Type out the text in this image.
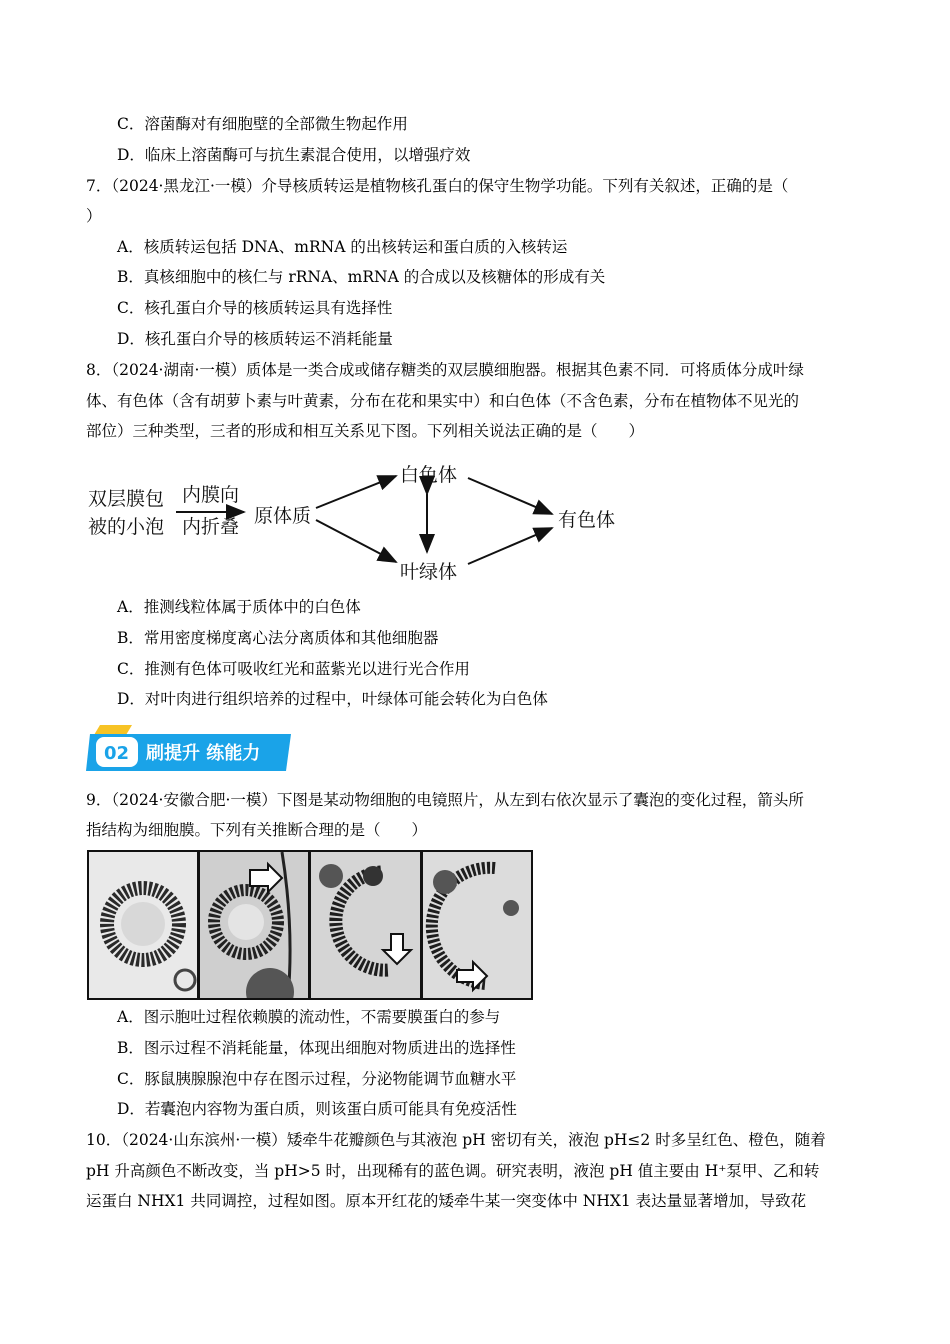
C．溶菌酶对有细胞壁的全部微生物起作用
D．临床上溶菌酶可与抗生素混合使用，以增强疗效
7．（2024·黑龙江·一模）介导核质转运是植物核孔蛋白的保守生物学功能。下列有关叙述，正确的是（
）
A．核质转运包括 DNA、mRNA 的出核转运和蛋白质的入核转运
B．真核细胞中的核仁与 rRNA、mRNA 的合成以及核糖体的形成有关
C．核孔蛋白介导的核质转运具有选择性
D．核孔蛋白介导的核质转运不消耗能量
8．（2024·湖南·一模）质体是一类合成或储存糖类的双层膜细胞器。根据其色素不同．可将质体分成叶绿
体、有色体（含有胡萝卜素与叶黄素，分布在花和果实中）和白色体（不含色素，分布在植物体不见光的
部位）三种类型，三者的形成和相互关系见下图。下列相关说法正确的是（　　）
双层膜包
被的小泡
内膜向
内折叠 原体质
白色体
叶绿体
有色体
A．推测线粒体属于质体中的白色体
B．常用密度梯度离心法分离质体和其他细胞器
C．推测有色体可吸收红光和蓝紫光以进行光合作用
D．对叶肉进行组织培养的过程中，叶绿体可能会转化为白色体
02 刷提升 练能力
9．（2024·安徽合肥·一模）下图是某动物细胞的电镜照片，从左到右依次显示了囊泡的变化过程，箭头所
指结构为细胞膜。下列有关推断合理的是（　　）
A．图示胞吐过程依赖膜的流动性，不需要膜蛋白的参与
B．图示过程不消耗能量，体现出细胞对物质进出的选择性
C．豚鼠胰腺腺泡中存在图示过程，分泌物能调节血糖水平
D．若囊泡内容物为蛋白质，则该蛋白质可能具有免疫活性
10．（2024·山东滨州·一模）矮牵牛花瓣颜色与其液泡 pH 密切有关，液泡 pH≤2 时多呈红色、橙色，随着
pH 升高颜色不断改变，当 pH>5 时，出现稀有的蓝色调。研究表明，液泡 pH 值主要由 H⁺泵甲、乙和转
运蛋白 NHX1 共同调控，过程如图。原本开红花的矮牵牛某一突变体中 NHX1 表达量显著增加，导致花
